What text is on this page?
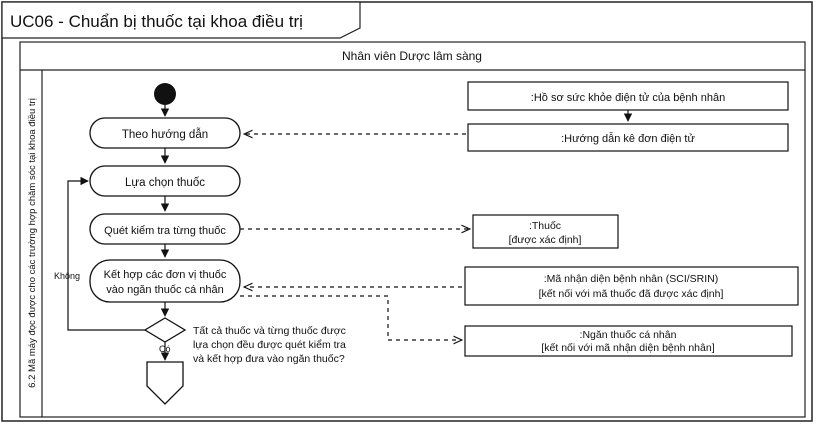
UC06 - Chuẩn bị thuốc tại khoa điều trị
Nhân viên Dược lâm sàng
6.2 Mã máy đọc được cho các trường hợp chăm sóc tại khoa điều trị	Theo hướng dẫn
Lựa chọn thuốc
Quét kiểm tra từng thuốc
Kết hợp các đơn vị thuốc
vào ngăn thuốc cá nhân
Tất cả thuốc và từng thuốc được
lựa chọn đều được quét kiểm tra
và kết hợp đưa vào ngăn thuốc?
Không
Có
:Hồ sơ sức khỏe điện tử của bệnh nhân
:Hướng dẫn kê đơn điện tử
:Thuốc
[được xác định]
:Mã nhận diện bệnh nhân (SCI/SRIN)
[kết nối với mã thuốc đã được xác định]
:Ngăn thuốc cá nhân
[kết nối với mã nhận diện bệnh nhân]
